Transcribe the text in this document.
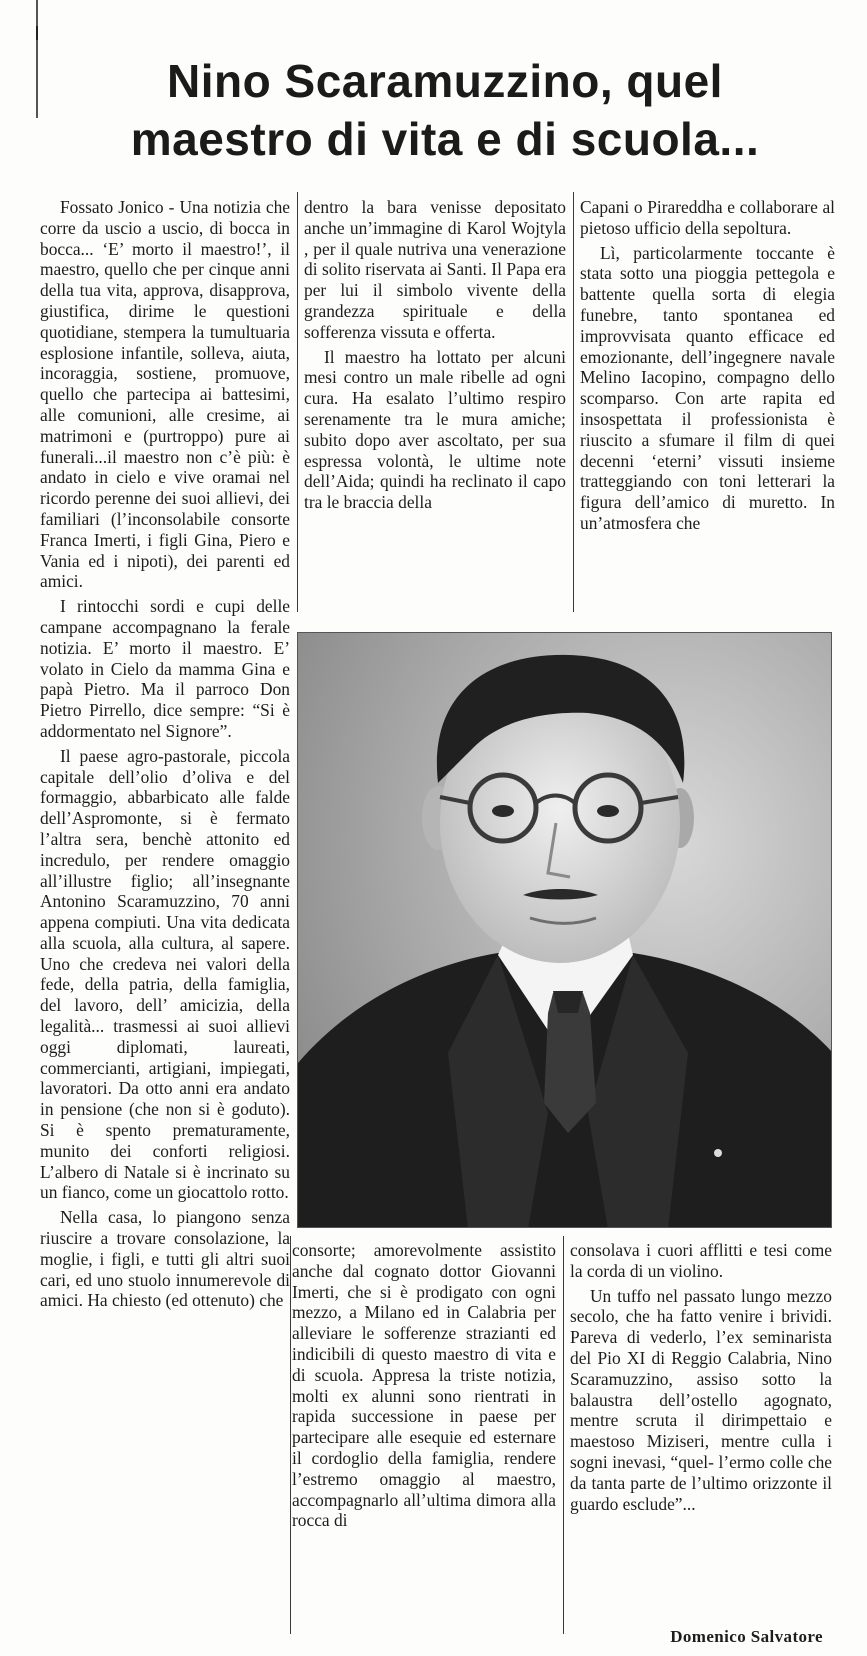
Nino Scaramuzzino, quel
maestro di vita e di scuola...

Fossato Jonico - Una notizia che corre da uscio a uscio, di bocca in bocca... ‘E’ morto il maestro!’, il maestro, quello che per cinque anni della tua vita, approva, disapprova, giustifica, dirime le questioni quotidiane, stempera la tumultuaria esplosione infantile, solleva, aiuta, incoraggia, sostiene, promuove, quello che partecipa ai battesimi, alle comunioni, alle cresime, ai matrimoni e (purtroppo) pure ai funerali...il maestro non c’è più: è andato in cielo e vive oramai nel ricordo perenne dei suoi allievi, dei familiari (l’inconsolabile consorte Franca Imerti, i figli Gina, Piero e Vania ed i nipoti), dei parenti ed amici.

I rintocchi sordi e cupi delle campane accompagnano la ferale notizia. E’ morto il maestro. E’ volato in Cielo da mamma Gina e papà Pietro. Ma il parroco Don Pietro Pirrello, dice sempre: “Si è addormentato nel Signore”.

Il paese agro-pastorale, piccola capitale dell’olio d’oliva e del formaggio, abbarbicato alle falde dell’Aspromonte, si è fermato l’altra sera, benchè attonito ed incredulo, per rendere omaggio all’illustre figlio; all’insegnante Antonino Scaramuzzino, 70 anni appena compiuti. Una vita dedicata alla scuola, alla cultura, al sapere. Uno che credeva nei valori della fede, della patria, della famiglia, del lavoro, dell’ amicizia, della legalità... trasmessi ai suoi allievi oggi diplomati, laureati, commercianti, artigiani, impiegati, lavoratori. Da otto anni era andato in pensione (che non si è goduto). Si è spento prematuramente, munito dei conforti religiosi. L’albero di Natale si è incrinato su un fianco, come un giocattolo rotto.

Nella casa, lo piangono senza riuscire a trovare consolazione, la moglie, i figli, e tutti gli altri suoi cari, ed uno stuolo innumerevole di amici. Ha chiesto (ed ottenuto) che

dentro la bara venisse depositato anche un’immagine di Karol Wojtyla , per il quale nutriva una venerazione di solito riservata ai Santi. Il Papa era per lui il simbolo vivente della grandezza spirituale e della sofferenza vissuta e offerta.

Il maestro ha lottato per alcuni mesi contro un male ribelle ad ogni cura. Ha esalato l’ultimo respiro serenamente tra le mura amiche; subito dopo aver ascoltato, per sua espressa volontà, le ultime note dell’Aida; quindi ha reclinato il capo tra le braccia della

Capani o Pirareddha e collaborare al pietoso ufficio della sepoltura.

Lì, particolarmente toccante è stata sotto una pioggia pettegola e battente quella sorta di elegia funebre, tanto spontanea ed improvvisata quanto efficace ed emozionante, dell’ingegnere navale Melino Iacopino, compagno dello scomparso. Con arte rapita ed insospettata il professionista è riuscito a sfumare il film di quei decenni ‘eterni’ vissuti insieme tratteggiando con toni letterari la figura dell’amico di muretto. In un’atmosfera che

consorte; amorevolmente assistito anche dal cognato dottor Giovanni Imerti, che si è prodigato con ogni mezzo, a Milano ed in Calabria per alleviare le sofferenze strazianti ed indicibili di questo maestro di vita e di scuola. Appresa la triste notizia, molti ex alunni sono rientrati in rapida successione in paese per partecipare alle esequie ed esternare il cordoglio della famiglia, rendere l’estremo omaggio al maestro, accompagnarlo all’ultima dimora alla rocca di

consolava i cuori afflitti e tesi come la corda di un violino.

Un tuffo nel passato lungo mezzo secolo, che ha fatto venire i brividi. Pareva di vederlo, l’ex seminarista del Pio XI di Reggio Calabria, Nino Scaramuzzino, assiso sotto la balaustra dell’ostello agognato, mentre scruta il dirimpettaio e maestoso Miziseri, mentre culla i sogni inevasi, “quel- l’ermo colle che da tanta parte de l’ultimo orizzonte il guardo esclude”...

Domenico Salvatore
